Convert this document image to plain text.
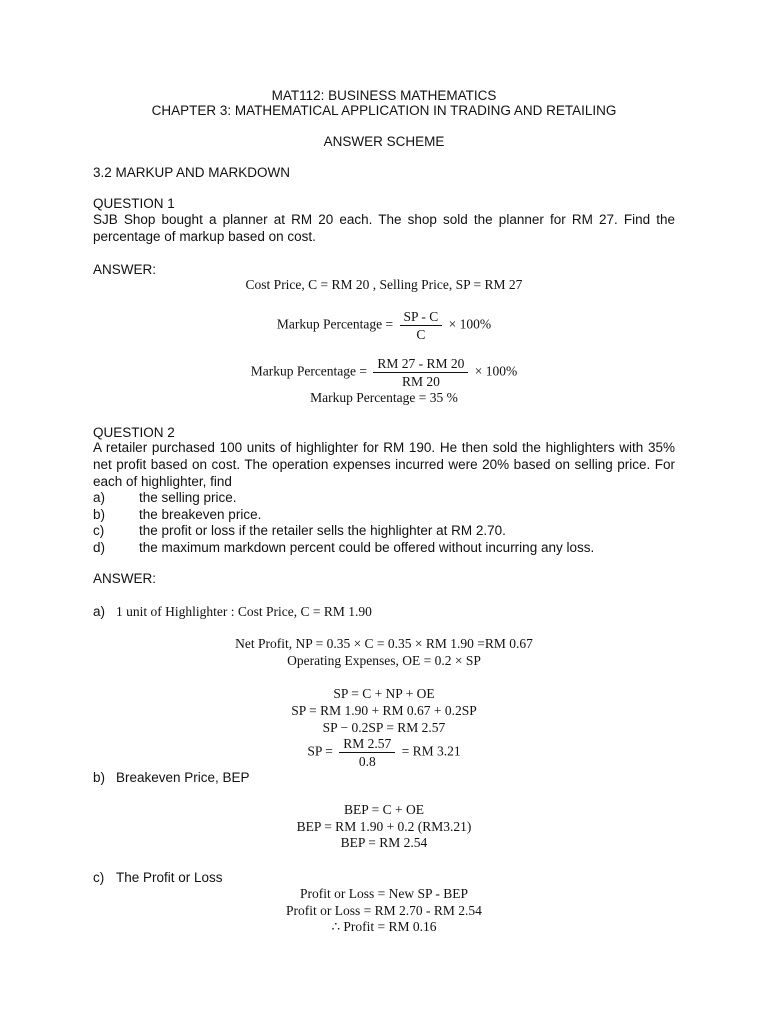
MAT112: BUSINESS MATHEMATICS
CHAPTER 3: MATHEMATICAL APPLICATION IN TRADING AND RETAILING
ANSWER SCHEME
3.2 MARKUP AND MARKDOWN
QUESTION 1
SJB Shop bought a planner at RM 20 each. The shop sold the planner for RM 27. Find the percentage of markup based on cost.
ANSWER:
Cost Price, C = RM 20 , Selling Price, SP = RM 27
Markup Percentage = $\frac{SP - C}{C} \times 100\%$
Markup Percentage = $\frac{RM 27 - RM 20}{RM 20} \times 100\%$
Markup Percentage = 35 %
QUESTION 2
A retailer purchased 100 units of highlighter for RM 190. He then sold the highlighters with 35% net profit based on cost. The operation expenses incurred were 20% based on selling price. For each of highlighter, find
a)	the selling price.
b)	the breakeven price.
c)	the profit or loss if the retailer sells the highlighter at RM 2.70.
d)	the maximum markdown percent could be offered without incurring any loss.
ANSWER:
a) 1 unit of Highlighter : Cost Price, C = RM 1.90
Net Profit, NP = 0.35 × C = 0.35 × RM 1.90 =RM 0.67
Operating Expenses, OE = 0.2 × SP
SP = C + NP + OE
SP = RM 1.90 + RM 0.67 + 0.2SP
SP − 0.2SP = RM 2.57
SP = $\frac{RM 2.57}{0.8}$ = RM 3.21
b) Breakeven Price, BEP
BEP = C + OE
BEP = RM 1.90 + 0.2 (RM3.21)
BEP = RM 2.54
c) The Profit or Loss
Profit or Loss = New SP - BEP
Profit or Loss = RM 2.70 - RM 2.54
∴ Profit = RM 0.16
